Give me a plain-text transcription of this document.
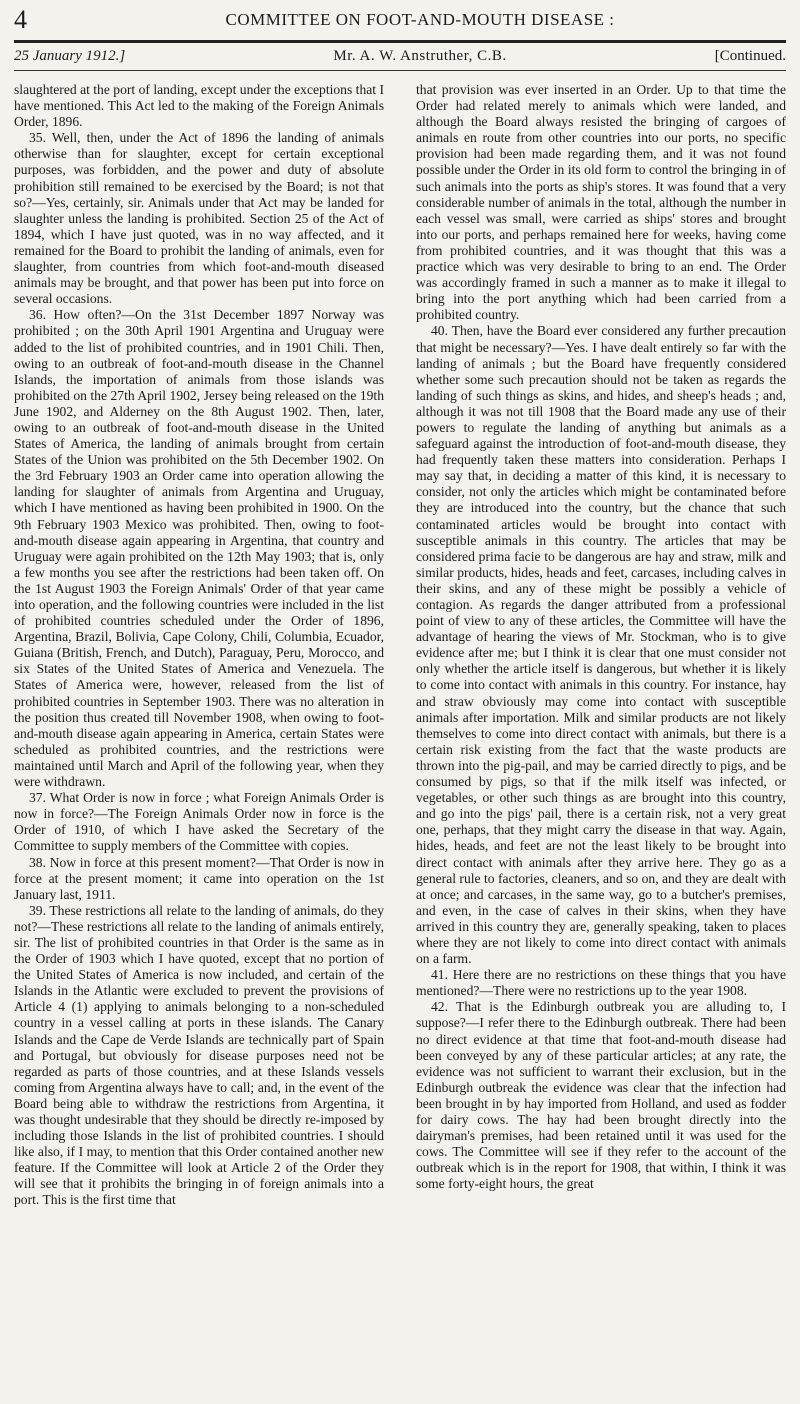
4	COMMITTEE ON FOOT-AND-MOUTH DISEASE :
25 January 1912.]	Mr. A. W. Anstruther, C.B.	[Continued.

slaughtered at the port of landing, except under the exceptions that I have mentioned. This Act led to the making of the Foreign Animals Order, 1896.

35. Well, then, under the Act of 1896 the landing of animals otherwise than for slaughter, except for certain exceptional purposes, was forbidden, and the power and duty of absolute prohibition still remained to be exercised by the Board; is not that so?—Yes, certainly, sir. Animals under that Act may be landed for slaughter unless the landing is prohibited. Section 25 of the Act of 1894, which I have just quoted, was in no way affected, and it remained for the Board to prohibit the landing of animals, even for slaughter, from countries from which foot-and-mouth diseased animals may be brought, and that power has been put into force on several occasions.

36. How often?—On the 31st December 1897 Norway was prohibited ; on the 30th April 1901 Argentina and Uruguay were added to the list of prohibited countries, and in 1901 Chili. Then, owing to an outbreak of foot-and-mouth disease in the Channel Islands, the importation of animals from those islands was prohibited on the 27th April 1902, Jersey being released on the 19th June 1902, and Alderney on the 8th August 1902. Then, later, owing to an outbreak of foot-and-mouth disease in the United States of America, the landing of animals brought from certain States of the Union was prohibited on the 5th December 1902. On the 3rd February 1903 an Order came into operation allowing the landing for slaughter of animals from Argentina and Uruguay, which I have mentioned as having been prohibited in 1900. On the 9th February 1903 Mexico was prohibited. Then, owing to foot-and-mouth disease again appearing in Argentina, that country and Uruguay were again prohibited on the 12th May 1903; that is, only a few months you see after the restrictions had been taken off. On the 1st August 1903 the Foreign Animals' Order of that year came into operation, and the following countries were included in the list of prohibited countries scheduled under the Order of 1896, Argentina, Brazil, Bolivia, Cape Colony, Chili, Columbia, Ecuador, Guiana (British, French, and Dutch), Paraguay, Peru, Morocco, and six States of the United States of America and Venezuela. The States of America were, however, released from the list of prohibited countries in September 1903. There was no alteration in the position thus created till November 1908, when owing to foot-and-mouth disease again appearing in America, certain States were scheduled as prohibited countries, and the restrictions were maintained until March and April of the following year, when they were withdrawn.

37. What Order is now in force ; what Foreign Animals Order is now in force?—The Foreign Animals Order now in force is the Order of 1910, of which I have asked the Secretary of the Committee to supply members of the Committee with copies.

38. Now in force at this present moment?—That Order is now in force at the present moment; it came into operation on the 1st January last, 1911.

39. These restrictions all relate to the landing of animals, do they not?—These restrictions all relate to the landing of animals entirely, sir. The list of prohibited countries in that Order is the same as in the Order of 1903 which I have quoted, except that no portion of the United States of America is now included, and certain of the Islands in the Atlantic were excluded to prevent the provisions of Article 4 (1) applying to animals belonging to a non-scheduled country in a vessel calling at ports in these islands. The Canary Islands and the Cape de Verde Islands are technically part of Spain and Portugal, but obviously for disease purposes need not be regarded as parts of those countries, and at these Islands vessels coming from Argentina always have to call; and, in the event of the Board being able to withdraw the restrictions from Argentina, it was thought undesirable that they should be directly re-imposed by including those Islands in the list of prohibited countries. I should like also, if I may, to mention that this Order contained another new feature. If the Committee will look at Article 2 of the Order they will see that it prohibits the bringing in of foreign animals into a port. This is the first time that

that provision was ever inserted in an Order. Up to that time the Order had related merely to animals which were landed, and although the Board always resisted the bringing of cargoes of animals en route from other countries into our ports, no specific provision had been made regarding them, and it was not found possible under the Order in its old form to control the bringing in of such animals into the ports as ship's stores. It was found that a very considerable number of animals in the total, although the number in each vessel was small, were carried as ships' stores and brought into our ports, and perhaps remained here for weeks, having come from prohibited countries, and it was thought that this was a practice which was very desirable to bring to an end. The Order was accordingly framed in such a manner as to make it illegal to bring into the port anything which had been carried from a prohibited country.

40. Then, have the Board ever considered any further precaution that might be necessary?—Yes. I have dealt entirely so far with the landing of animals ; but the Board have frequently considered whether some such precaution should not be taken as regards the landing of such things as skins, and hides, and sheep's heads ; and, although it was not till 1908 that the Board made any use of their powers to regulate the landing of anything but animals as a safeguard against the introduction of foot-and-mouth disease, they had frequently taken these matters into consideration. Perhaps I may say that, in deciding a matter of this kind, it is necessary to consider, not only the articles which might be contaminated before they are introduced into the country, but the chance that such contaminated articles would be brought into contact with susceptible animals in this country. The articles that may be considered prima facie to be dangerous are hay and straw, milk and similar products, hides, heads and feet, carcases, including calves in their skins, and any of these might be possibly a vehicle of contagion. As regards the danger attributed from a professional point of view to any of these articles, the Committee will have the advantage of hearing the views of Mr. Stockman, who is to give evidence after me; but I think it is clear that one must consider not only whether the article itself is dangerous, but whether it is likely to come into contact with animals in this country. For instance, hay and straw obviously may come into contact with susceptible animals after importation. Milk and similar products are not likely themselves to come into direct contact with animals, but there is a certain risk existing from the fact that the waste products are thrown into the pig-pail, and may be carried directly to pigs, and be consumed by pigs, so that if the milk itself was infected, or vegetables, or other such things as are brought into this country, and go into the pigs' pail, there is a certain risk, not a very great one, perhaps, that they might carry the disease in that way. Again, hides, heads, and feet are not the least likely to be brought into direct contact with animals after they arrive here. They go as a general rule to factories, cleaners, and so on, and they are dealt with at once; and carcases, in the same way, go to a butcher's premises, and even, in the case of calves in their skins, when they have arrived in this country they are, generally speaking, taken to places where they are not likely to come into direct contact with animals on a farm.

41. Here there are no restrictions on these things that you have mentioned?—There were no restrictions up to the year 1908.

42. That is the Edinburgh outbreak you are alluding to, I suppose?—I refer there to the Edinburgh outbreak. There had been no direct evidence at that time that foot-and-mouth disease had been conveyed by any of these particular articles; at any rate, the evidence was not sufficient to warrant their exclusion, but in the Edinburgh outbreak the evidence was clear that the infection had been brought in by hay imported from Holland, and used as fodder for dairy cows. The hay had been brought directly into the dairyman's premises, had been retained until it was used for the cows. The Committee will see if they refer to the account of the outbreak which is in the report for 1908, that within, I think it was some forty-eight hours, the great
